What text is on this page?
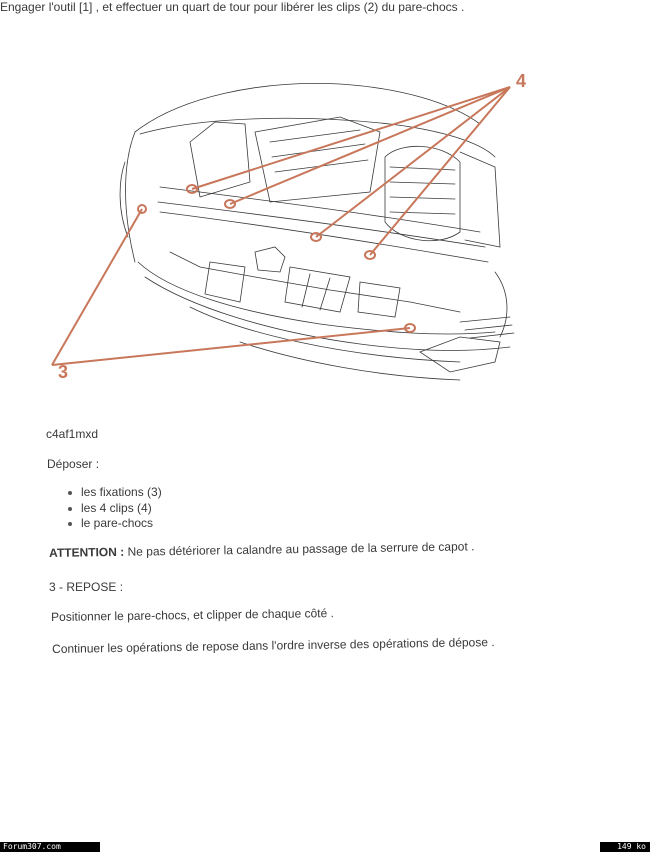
Engager l'outil [1] , et effectuer un quart de tour pour libérer les clips (2) du pare-chocs .
4
3
c4af1mxd
Déposer :
les fixations (3)
les 4 clips (4)
le pare-chocs
ATTENTION : Ne pas détériorer la calandre au passage de la serrure de capot .
3 - REPOSE :
Positionner le pare-chocs, et clipper de chaque côté .
Continuer les opérations de repose dans l'ordre inverse des opérations de dépose .
Forum307.com	149 ko
